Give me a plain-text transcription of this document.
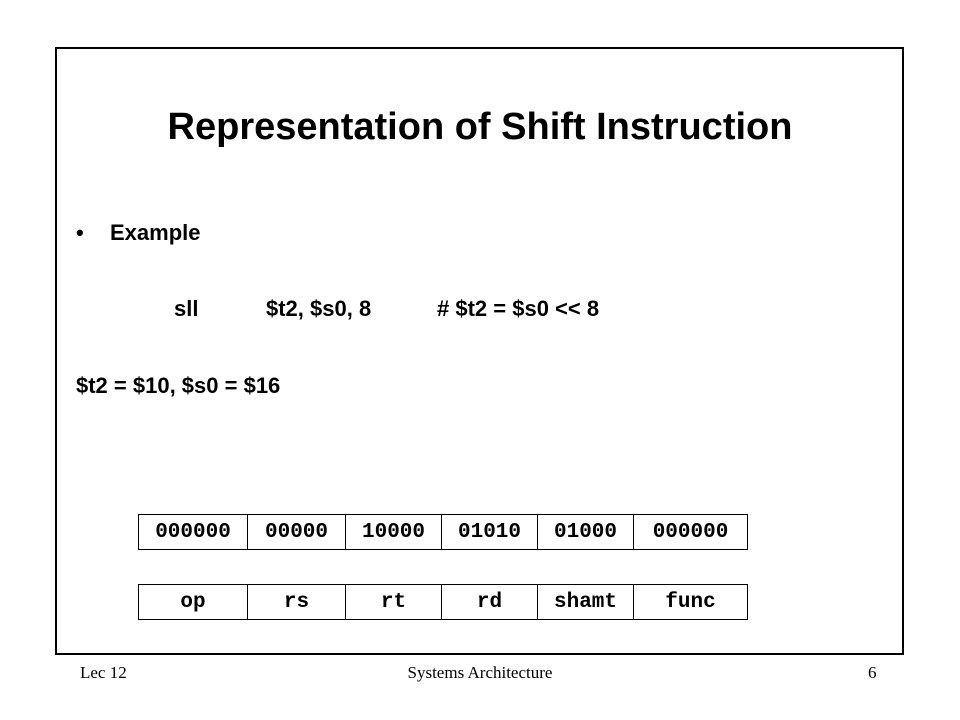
Representation of Shift Instruction
• Example
sll	$t2, $s0, 8	# $t2 = $s0 << 8
$t2 = $10, $s0 = $16
000000	00000	10000	01010	01000	000000
op	rs	rt	rd	shamt	func
Lec 12	Systems Architecture	6
